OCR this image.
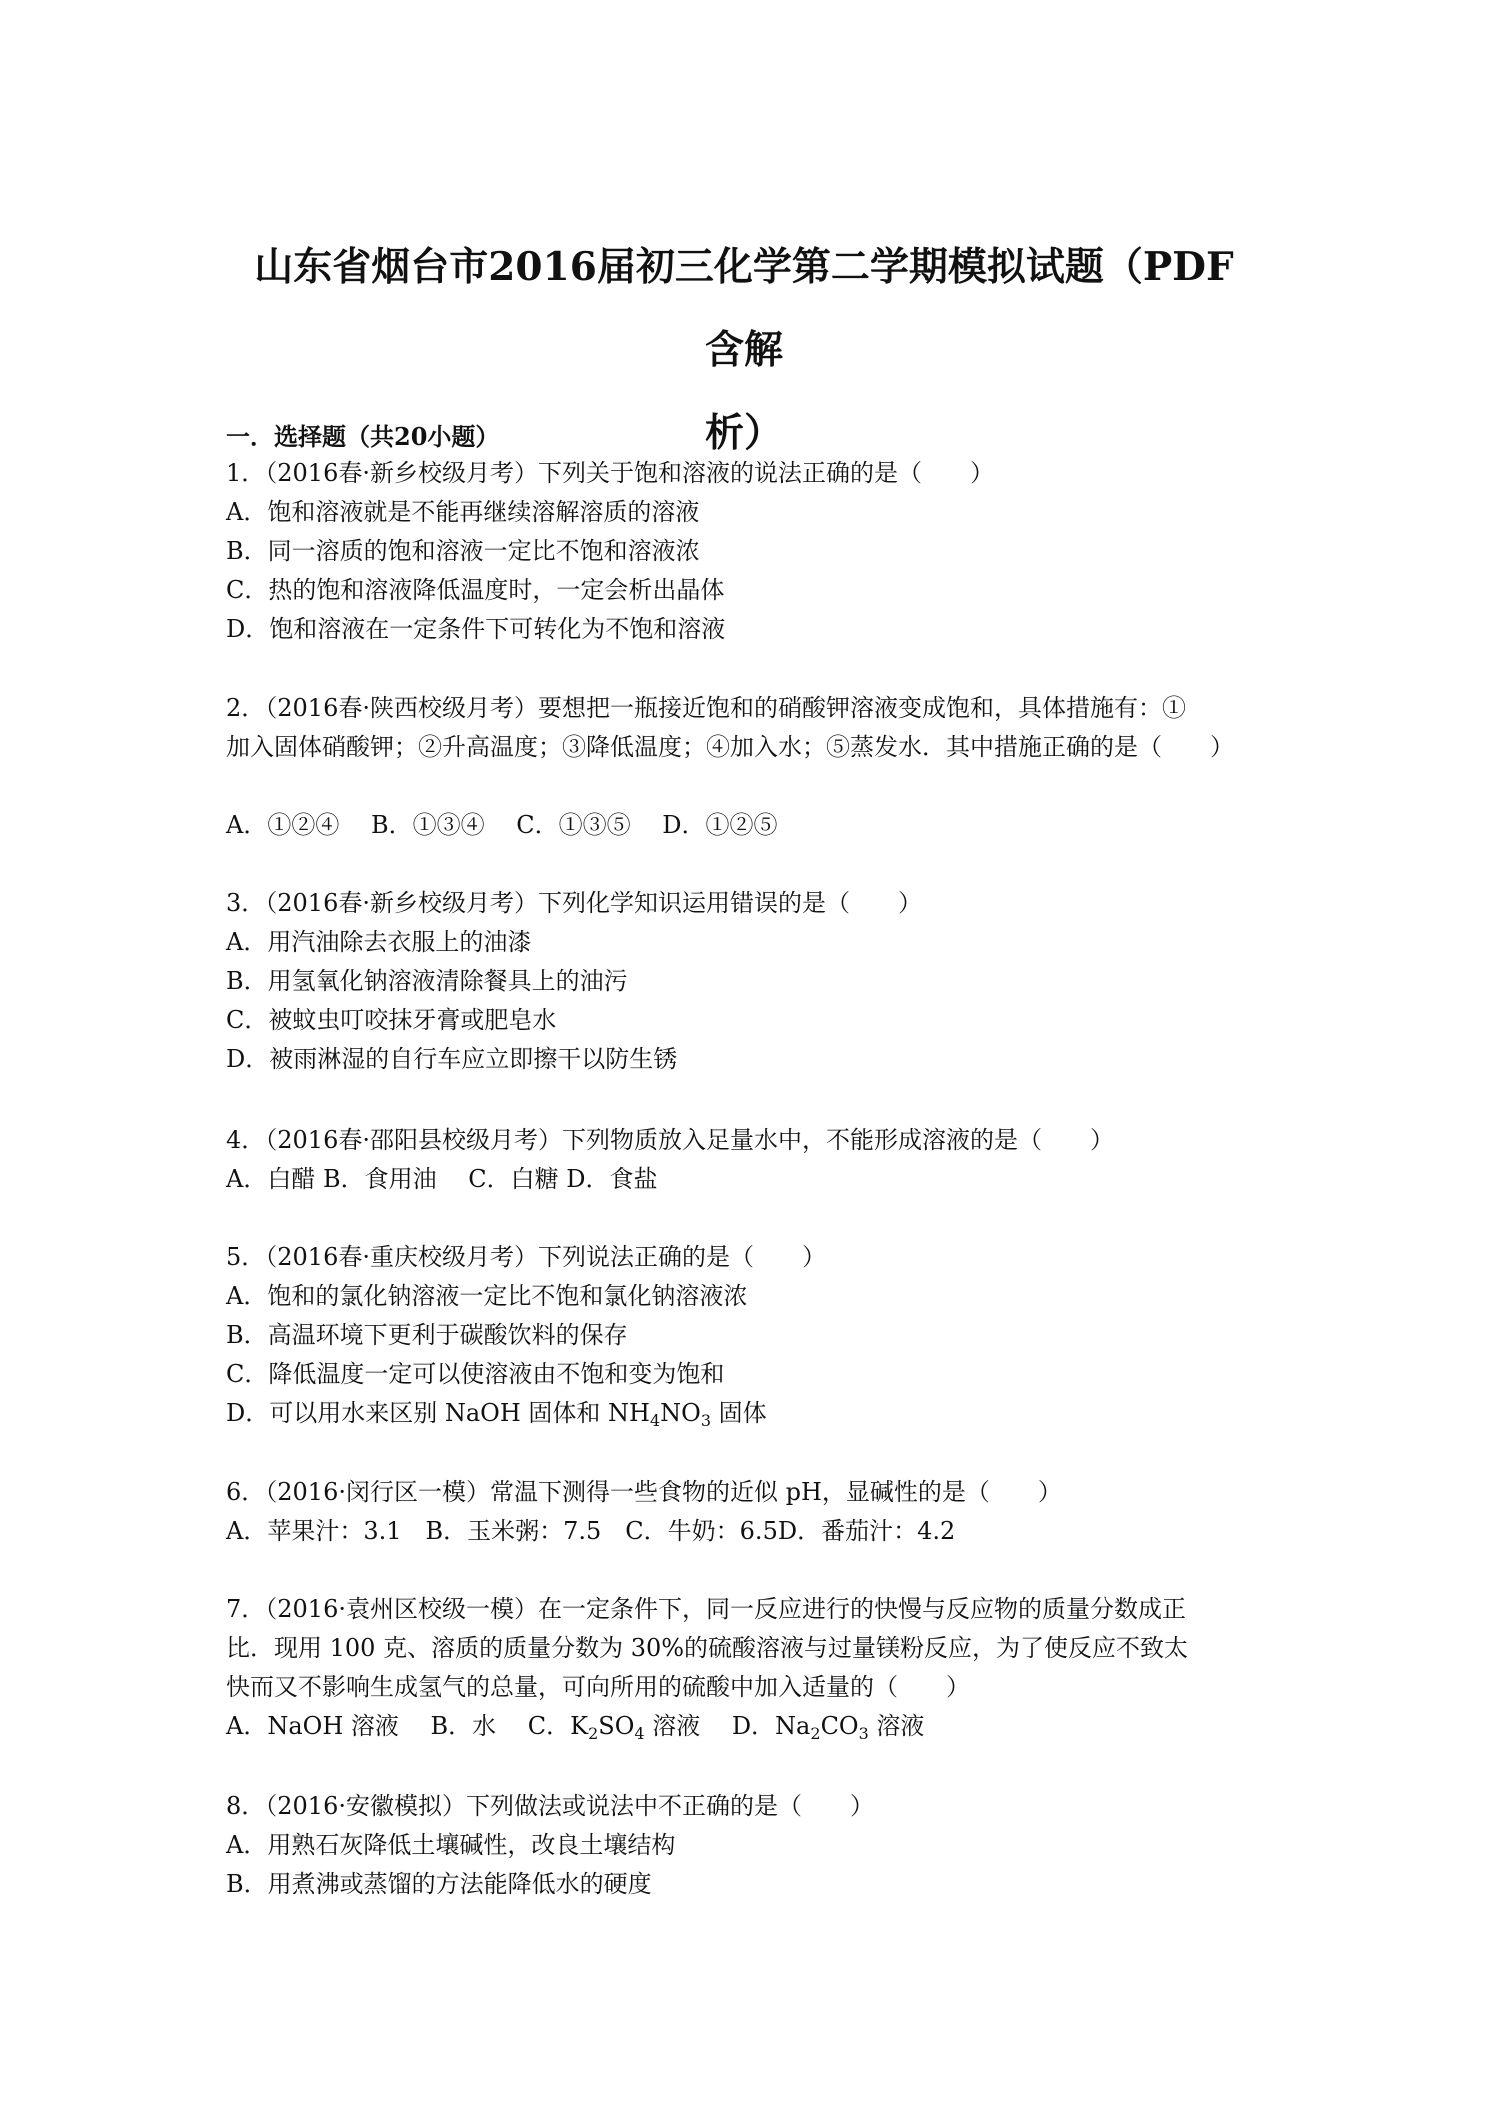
山东省烟台市2016届初三化学第二学期模拟试题（PDF　含解
析）
一．选择题（共20小题）
1．（2016春·新乡校级月考）下列关于饱和溶液的说法正确的是（　　）
A．饱和溶液就是不能再继续溶解溶质的溶液
B．同一溶质的饱和溶液一定比不饱和溶液浓
C．热的饱和溶液降低温度时，一定会析出晶体
D．饱和溶液在一定条件下可转化为不饱和溶液
2．（2016春·陕西校级月考）要想把一瓶接近饱和的硝酸钾溶液变成饱和，具体措施有：①
加入固体硝酸钾；②升高温度；③降低温度；④加入水；⑤蒸发水．其中措施正确的是（　　）
A．①②④　 B．①③④　 C．①③⑤　 D．①②⑤
3．（2016春·新乡校级月考）下列化学知识运用错误的是（　　）
A．用汽油除去衣服上的油漆
B．用氢氧化钠溶液清除餐具上的油污
C．被蚊虫叮咬抹牙膏或肥皂水
D．被雨淋湿的自行车应立即擦干以防生锈
4．（2016春·邵阳县校级月考）下列物质放入足量水中，不能形成溶液的是（　　）
A．白醋 B．食用油　 C．白糖 D．食盐
5．（2016春·重庆校级月考）下列说法正确的是（　　）
A．饱和的氯化钠溶液一定比不饱和氯化钠溶液浓
B．高温环境下更利于碳酸饮料的保存
C．降低温度一定可以使溶液由不饱和变为饱和
D．可以用水来区别 NaOH 固体和 $NH_4NO_3$ 固体
6．（2016·闵行区一模）常温下测得一些食物的近似 pH，显碱性的是（　　）
A．苹果汁：3.1　B．玉米粥：7.5　C．牛奶：6.5D．番茄汁：4.2
7．（2016·袁州区校级一模）在一定条件下，同一反应进行的快慢与反应物的质量分数成正
比．现用 100 克、溶质的质量分数为 30%的硫酸溶液与过量镁粉反应，为了使反应不致太
快而又不影响生成氢气的总量，可向所用的硫酸中加入适量的（　　）
A．NaOH 溶液　 B．水　 C．$K_2SO_4$ 溶液　 D．$Na_2CO_3$ 溶液
8．（2016·安徽模拟）下列做法或说法中不正确的是（　　）
A．用熟石灰降低土壤碱性，改良土壤结构
B．用煮沸或蒸馏的方法能降低水的硬度
